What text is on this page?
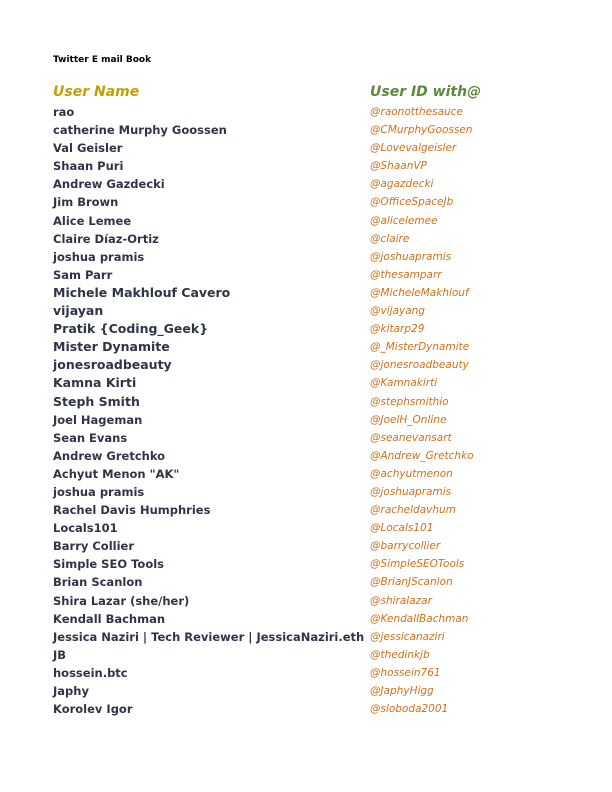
Twitter E mail Book
User Name	User ID with@
rao	@raonotthesauce
catherine Murphy Goossen	@CMurphyGoossen
Val Geisler	@Lovevalgeisler
Shaan Puri	@ShaanVP
Andrew Gazdecki	@agazdecki
Jim Brown	@OfficeSpaceJb
Alice Lemee	@alicelemee
Claire Díaz-Ortiz	@claire
joshua pramis	@joshuapramis
Sam Parr	@thesamparr
Michele Makhlouf Cavero	@MicheleMakhlouf
vijayan	@vijayang
Pratik {Coding_Geek}	@kitarp29
Mister Dynamite	@_MisterDynamite
jonesroadbeauty	@jonesroadbeauty
Kamna Kirti	@Kamnakirti
Steph Smith	@stephsmithio
Joel Hageman	@JoelH_Online
Sean Evans	@seanevansart
Andrew Gretchko	@Andrew_Gretchko
Achyut Menon "AK"	@achyutmenon
joshua pramis	@joshuapramis
Rachel Davis Humphries	@racheldavhum
Locals101	@Locals101
Barry Collier	@barrycollier
Simple SEO Tools	@SimpleSEOTools
Brian Scanlon	@BrianJScanlon
Shira Lazar (she/her)	@shiralazar
Kendall Bachman	@KendallBachman
Jessica Naziri | Tech Reviewer | JessicaNaziri.eth @jessicanaziri
JB	@thedinkjb
hossein.btc	@hossein761
Japhy	@JaphyHigg
Korolev Igor	@sloboda2001
